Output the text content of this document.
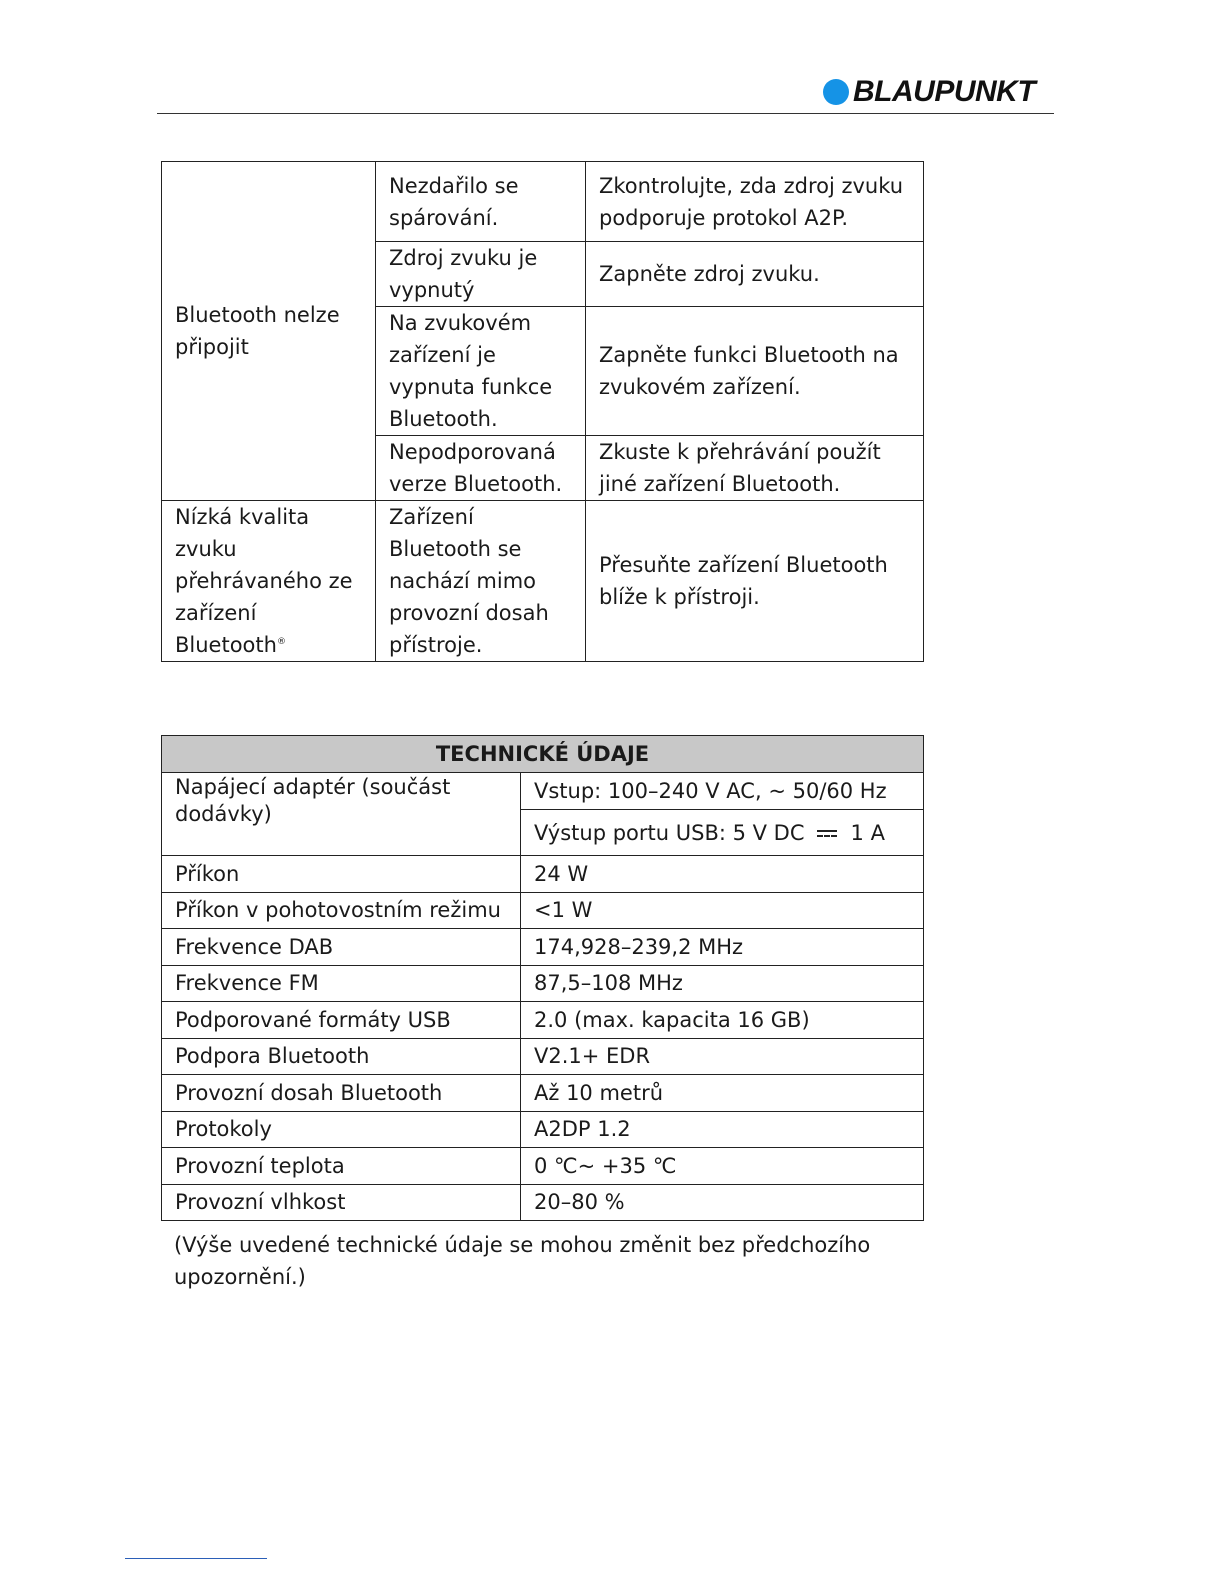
BLAUPUNKT
Bluetooth nelze připojit	Nezdařilo se spárování.	Zkontrolujte, zda zdroj zvuku podporuje protokol A2P.
	Zdroj zvuku je vypnutý	Zapněte zdroj zvuku.
	Na zvukovém zařízení je vypnuta funkce Bluetooth.	Zapněte funkci Bluetooth na zvukovém zařízení.
	Nepodporovaná verze Bluetooth.	Zkuste k přehrávání použít jiné zařízení Bluetooth.
Nízká kvalita zvuku přehrávaného ze zařízení Bluetooth®	Zařízení Bluetooth se nachází mimo provozní dosah přístroje.	Přesuňte zařízení Bluetooth blíže k přístroji.
TECHNICKÉ ÚDAJE	
Napájecí adaptér (součást dodávky)	Vstup: 100–240 V AC, ~ 50/60 Hz
	Výstup portu USB: 5 V DC 1 A
Příkon	24 W
Příkon v pohotovostním režimu	<1 W
Frekvence DAB	174,928–239,2 MHz
Frekvence FM	87,5–108 MHz
Podporované formáty USB	2.0 (max. kapacita 16 GB)
Podpora Bluetooth	V2.1+ EDR
Provozní dosah Bluetooth	Až 10 metrů
Protokoly	A2DP 1.2
Provozní teplota	0 ℃~ +35 ℃
Provozní vlhkost	20–80 %

(Výše uvedené technické údaje se mohou změnit bez předchozího upozornění.)
